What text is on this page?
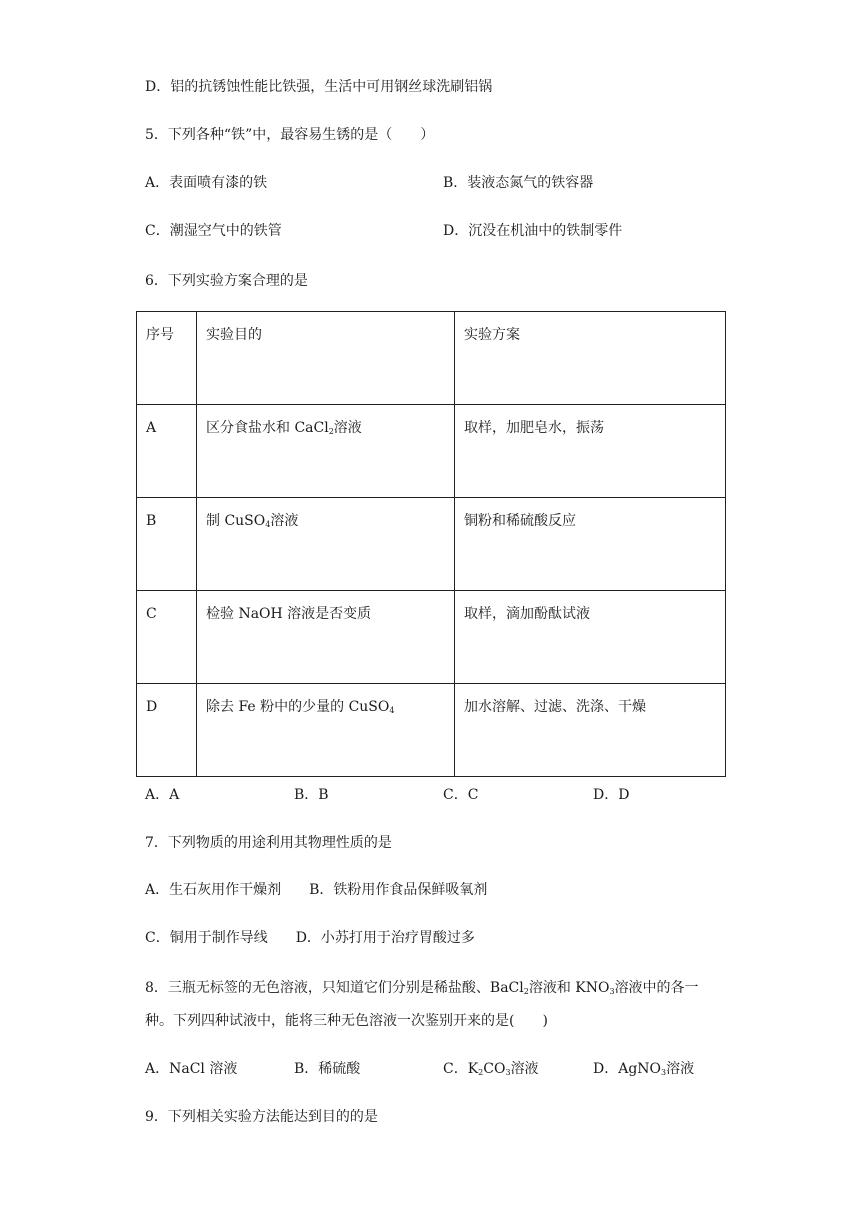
D．铝的抗锈蚀性能比铁强，生活中可用钢丝球洗刷铝锅
5．下列各种“铁”中，最容易生锈的是（　　）
A．表面喷有漆的铁	B．装液态氮气的铁容器
C．潮湿空气中的铁管	D．沉没在机油中的铁制零件
6．下列实验方案合理的是
序号	实验目的	实验方案
A	区分食盐水和 CaCl$_2$溶液	取样，加肥皂水，振荡
B	制 CuSO$_4$溶液	铜粉和稀硫酸反应
C	检验 NaOH 溶液是否变质	取样，滴加酚酞试液
D	除去 Fe 粉中的少量的 CuSO$_4$	加水溶解、过滤、洗涤、干燥
A．A	B．B	C．C	D．D
7．下列物质的用途利用其物理性质的是
A．生石灰用作干燥剂　　B．铁粉用作食品保鲜吸氧剂
C．铜用于制作导线　　D．小苏打用于治疗胃酸过多
8．三瓶无标签的无色溶液，只知道它们分别是稀盐酸、BaCl$_2$溶液和 $KNO_3$溶液中的各一
种。下列四种试液中，能将三种无色溶液一次鉴别开来的是(　　)
A．NaCl 溶液	B．稀硫酸	C．$K_2CO_3$溶液	D．AgNO$_3$溶液
9．下列相关实验方法能达到目的的是
